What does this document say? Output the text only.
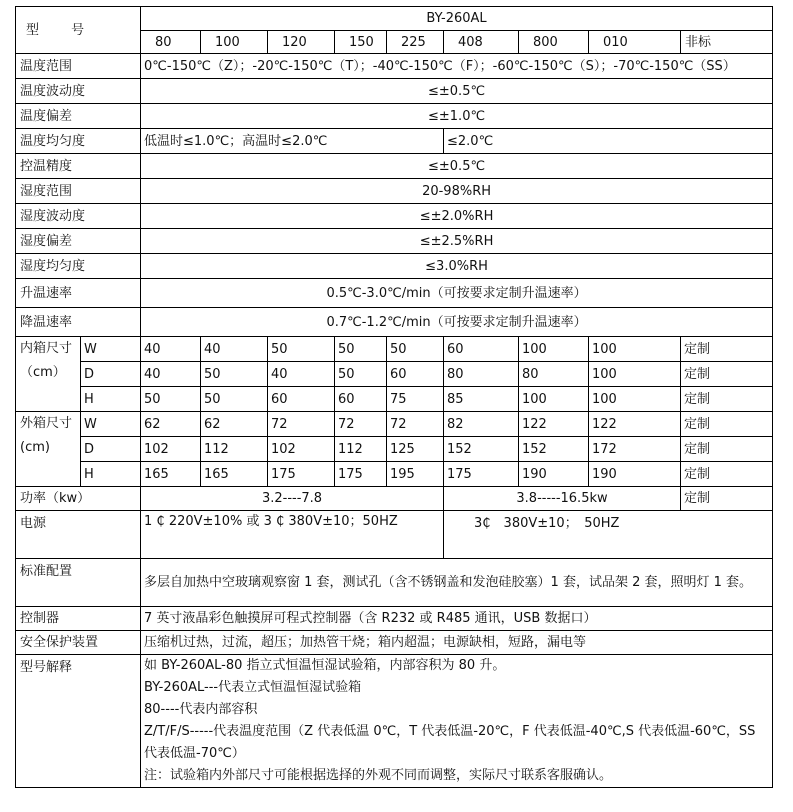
型 号		BY-260AL								
		80	100	120	150	225	408	800	010	非标
温度范围		0℃-150℃（Z）；-20℃-150℃（T）；-40℃-150℃（F）；-60℃-150℃（S）；-70℃-150℃（SS）								
温度波动度		≤±0.5℃								
温度偏差		≤±1.0℃								
温度均匀度		低温时≤1.0℃；高温时≤2.0℃					≤2.0℃			
控温精度		≤±0.5℃								
湿度范围		20-98%RH								
湿度波动度		≤±2.0%RH								
湿度偏差		≤±2.5%RH								
湿度均匀度		≤3.0%RH								
升温速率		0.5℃-3.0℃/min（可按要求定制升温速率）								
降温速率		0.7℃-1.2℃/min（可按要求定制升温速率）								
内箱尺寸（cm）	W	40	40	50	50	50	60	100	100	定制
	D	40	50	40	50	60	80	80	100	定制
	H	50	50	60	60	75	85	100	100	定制
外箱尺寸(cm)	W	62	62	72	72	72	82	122	122	定制
	D	102	112	102	112	125	152	152	172	定制
	H	165	165	175	175	195	175	190	190	定制
功率（kw）		3.2----7.8					3.8-----16.5kw			定制
电源		1 ₵ 220V±10% 或 3 ₵ 380V±10；50HZ					3₵　380V±10；　50HZ			
标准配置		多层自加热中空玻璃观察窗 1 套，测试孔（含不锈钢盖和发泡硅胶塞）1 套，试品架 2 套，照明灯 1 套。								
控制器		7 英寸液晶彩色触摸屏可程式控制器（含 R232 或 R485 通讯，USB 数据口）								
安全保护装置		压缩机过热，过流，超压；加热管干烧；箱内超温；电源缺相，短路，漏电等								
型号解释		如 BY-260AL-80 指立式恒温恒湿试验箱，内部容积为 80 升。
BY-260AL---代表立式恒温恒湿试验箱
80----代表内部容积
Z/T/F/S-----代表温度范围（Z 代表低温 0℃，T 代表低温-20℃，F 代表低温-40℃,S 代表低温-60℃，SS 代表低温-70℃）
注：试验箱内外部尺寸可能根据选择的外观不同而调整，实际尺寸联系客服确认。								
